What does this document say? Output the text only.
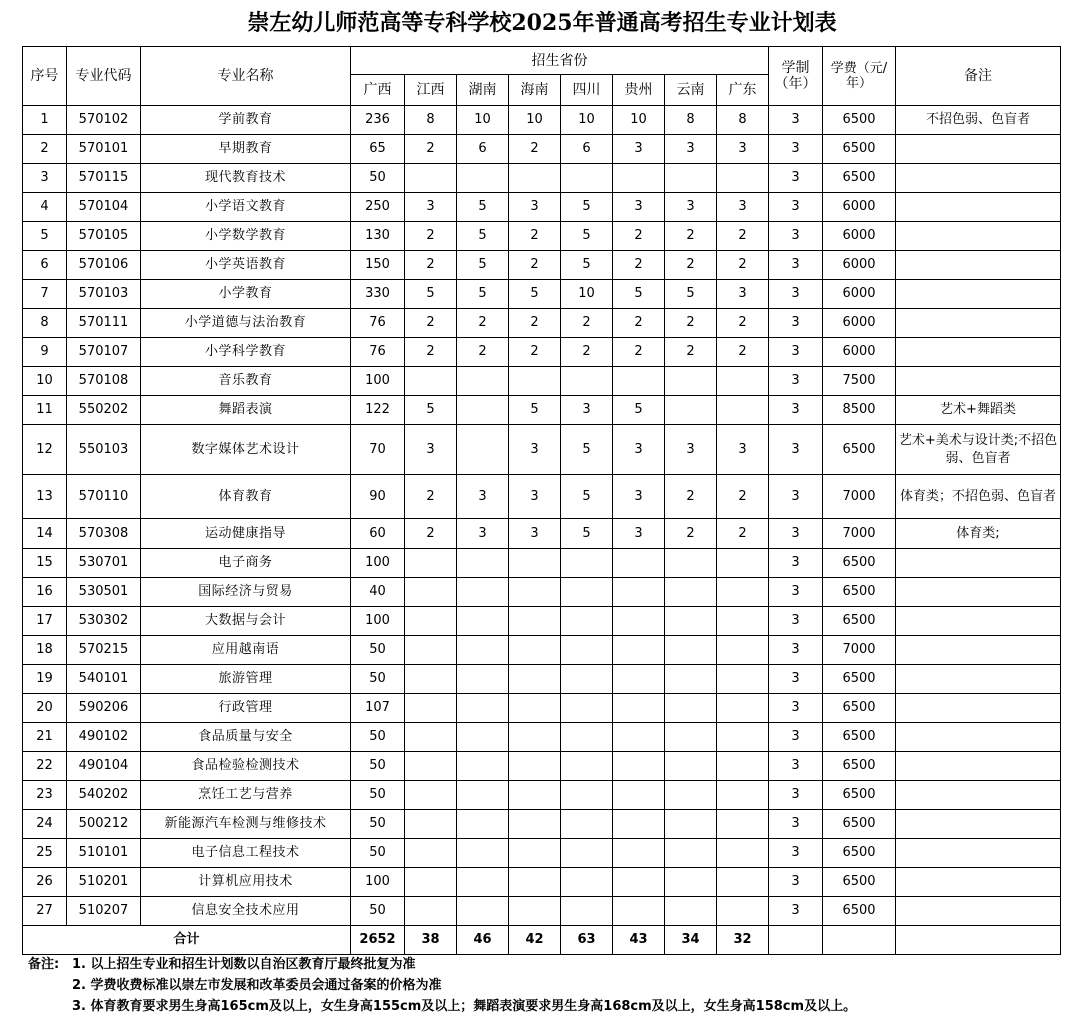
崇左幼儿师范高等专科学校2025年普通高考招生专业计划表
序号	专业代码	专业名称	招生省份								学制（年）	学费（元/年）	备注
			广西	江西	湖南	海南	四川	贵州	云南	广东			
1	570102	学前教育	236	8	10	10	10	10	8	8	3	6500	不招色弱、色盲者
2	570101	早期教育	65	2	6	2	6	3	3	3	3	6500	
3	570115	现代教育技术	50								3	6500	
4	570104	小学语文教育	250	3	5	3	5	3	3	3	3	6000	
5	570105	小学数学教育	130	2	5	2	5	2	2	2	3	6000	
6	570106	小学英语教育	150	2	5	2	5	2	2	2	3	6000	
7	570103	小学教育	330	5	5	5	10	5	5	3	3	6000	
8	570111	小学道德与法治教育	76	2	2	2	2	2	2	2	3	6000	
9	570107	小学科学教育	76	2	2	2	2	2	2	2	3	6000	
10	570108	音乐教育	100								3	7500	
11	550202	舞蹈表演	122	5		5	3	5			3	8500	艺术+舞蹈类
12	550103	数字媒体艺术设计	70	3		3	5	3	3	3	3	6500	艺术+美术与设计类;不招色弱、色盲者
13	570110	体育教育	90	2	3	3	5	3	2	2	3	7000	体育类；不招色弱、色盲者
14	570308	运动健康指导	60	2	3	3	5	3	2	2	3	7000	体育类;
15	530701	电子商务	100								3	6500	
16	530501	国际经济与贸易	40								3	6500	
17	530302	大数据与会计	100								3	6500	
18	570215	应用越南语	50								3	7000	
19	540101	旅游管理	50								3	6500	
20	590206	行政管理	107								3	6500	
21	490102	食品质量与安全	50								3	6500	
22	490104	食品检验检测技术	50								3	6500	
23	540202	烹饪工艺与营养	50								3	6500	
24	500212	新能源汽车检测与维修技术	50								3	6500	
25	510101	电子信息工程技术	50								3	6500	
26	510201	计算机应用技术	100								3	6500	
27	510207	信息安全技术应用	50								3	6500	
合计			2652	38	46	42	63	43	34	32			
备注: 1. 以上招生专业和招生计划数以自治区教育厅最终批复为准
2. 学费收费标准以崇左市发展和改革委员会通过备案的价格为准
3. 体育教育要求男生身高165cm及以上，女生身高155cm及以上；舞蹈表演要求男生身高168cm及以上，女生身高158cm及以上。
